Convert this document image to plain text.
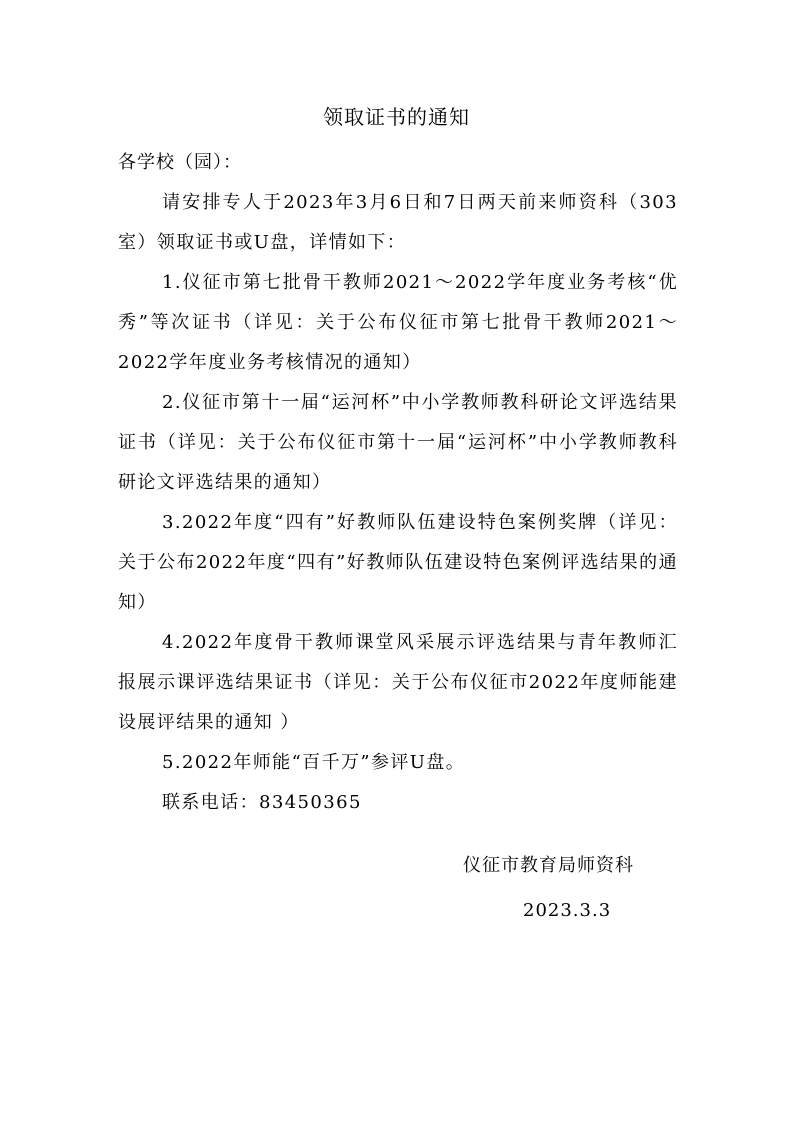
领取证书的通知
各学校（园）：
请安排专人于2023年3月6日和7日两天前来师资科（303室）领取证书或U盘，详情如下：
1.仪征市第七批骨干教师2021～2022学年度业务考核“优秀”等次证书（详见：关于公布仪征市第七批骨干教师2021～2022学年度业务考核情况的通知）
2.仪征市第十一届“运河杯”中小学教师教科研论文评选结果证书（详见：关于公布仪征市第十一届“运河杯”中小学教师教科研论文评选结果的通知）
3.2022年度“四有”好教师队伍建设特色案例奖牌（详见：关于公布2022年度“四有”好教师队伍建设特色案例评选结果的通知）
4.2022年度骨干教师课堂风采展示评选结果与青年教师汇报展示课评选结果证书（详见：关于公布仪征市2022年度师能建设展评结果的通知 ）
5.2022年师能“百千万”参评U盘。
联系电话：83450365
仪征市教育局师资科
2023.3.3
